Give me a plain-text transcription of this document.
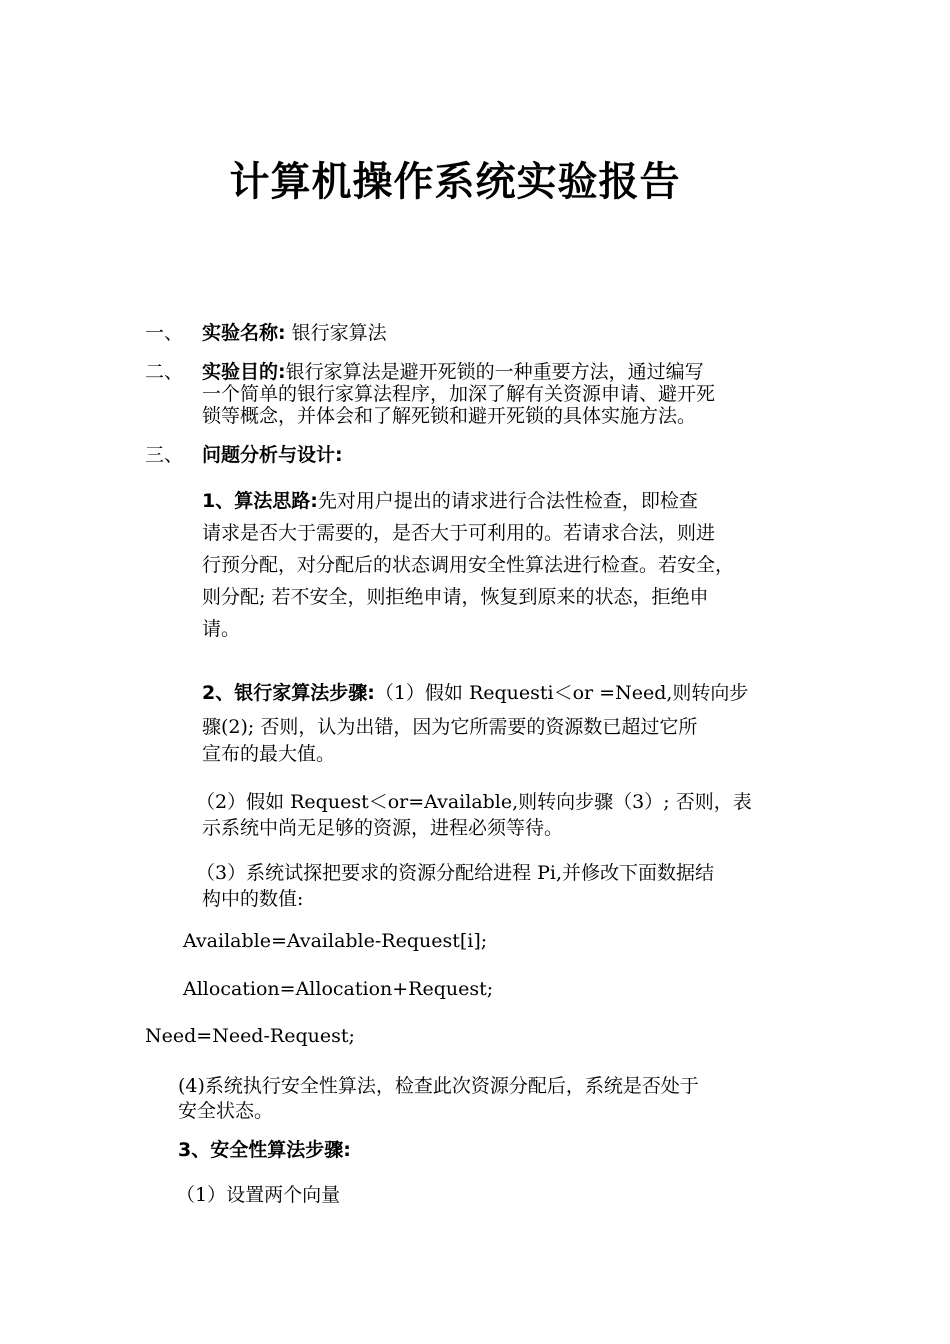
计算机操作系统实验报告
一、 实验名称: 银行家算法
二、 实验目的:银行家算法是避开死锁的一种重要方法，通过编写
一个简单的银行家算法程序，加深了解有关资源申请、避开死
锁等概念，并体会和了解死锁和避开死锁的具体实施方法。
三、 问题分析与设计:
1、算法思路:先对用户提出的请求进行合法性检查，即检查
请求是否大于需要的，是否大于可利用的。若请求合法，则进
行预分配，对分配后的状态调用安全性算法进行检查。若安全，
则分配; 若不安全，则拒绝申请，恢复到原来的状态，拒绝申
请。
2、银行家算法步骤:（1）假如 Requesti＜or =Need,则转向步
骤(2); 否则，认为出错，因为它所需要的资源数已超过它所
宣布的最大值。
（2）假如 Request＜or=Available,则转向步骤（3）; 否则，表
示系统中尚无足够的资源，进程必须等待。
（3）系统试探把要求的资源分配给进程 Pi,并修改下面数据结
构中的数值:
Available=Available-Request[i];
Allocation=Allocation+Request;
Need=Need-Request;
(4)系统执行安全性算法，检查此次资源分配后，系统是否处于
安全状态。
3、安全性算法步骤:
（1）设置两个向量
